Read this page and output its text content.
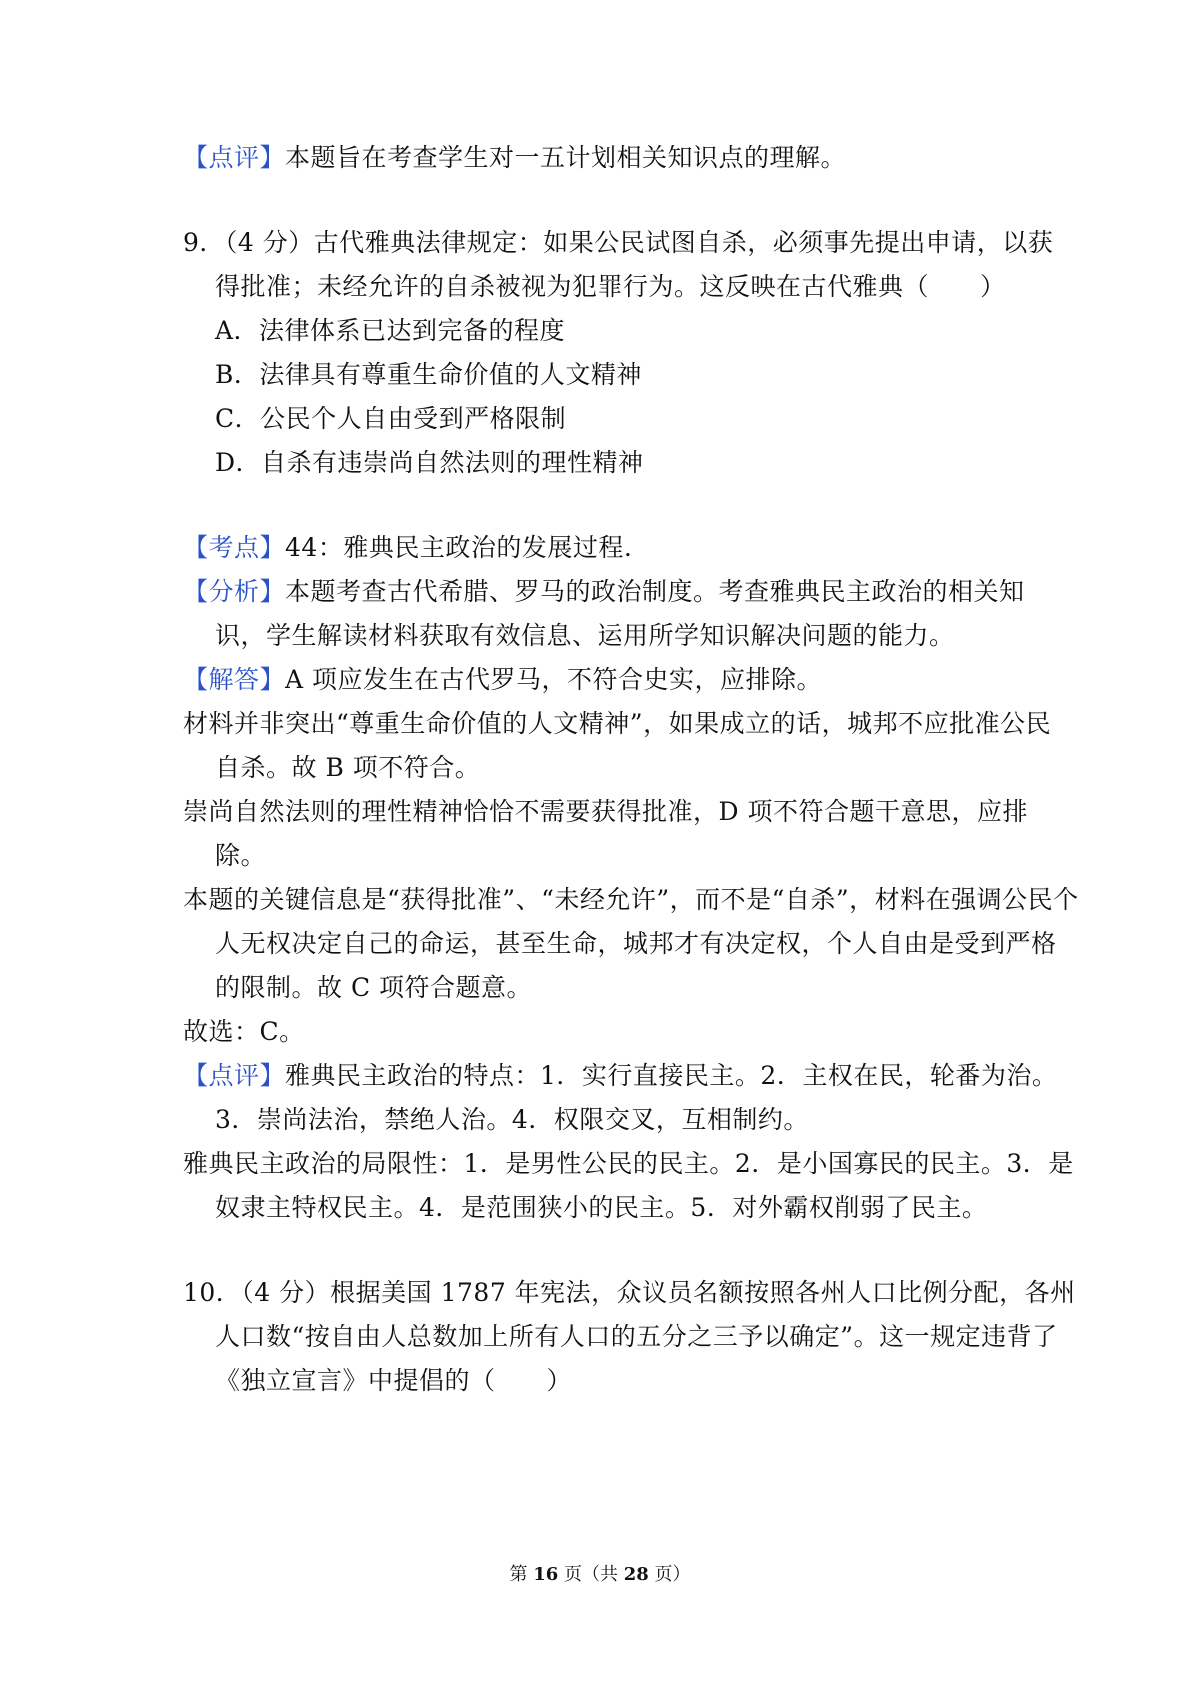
【点评】本题旨在考查学生对一五计划相关知识点的理解。
9．（4 分）古代雅典法律规定：如果公民试图自杀，必须事先提出申请，以获
得批准；未经允许的自杀被视为犯罪行为。这反映在古代雅典（　　）
A．法律体系已达到完备的程度
B．法律具有尊重生命价值的人文精神
C．公民个人自由受到严格限制
D．自杀有违崇尚自然法则的理性精神
【考点】44：雅典民主政治的发展过程.
【分析】本题考查古代希腊、罗马的政治制度。考查雅典民主政治的相关知
识，学生解读材料获取有效信息、运用所学知识解决问题的能力。
【解答】A 项应发生在古代罗马，不符合史实，应排除。
材料并非突出“尊重生命价值的人文精神”，如果成立的话，城邦不应批准公民
自杀。故 B 项不符合。
崇尚自然法则的理性精神恰恰不需要获得批准，D 项不符合题干意思，应排
除。
本题的关键信息是“获得批准”、“未经允许”，而不是“自杀”，材料在强调公民个
人无权决定自己的命运，甚至生命，城邦才有决定权，个人自由是受到严格
的限制。故 C 项符合题意。
故选：C。
【点评】雅典民主政治的特点：1．实行直接民主。2．主权在民，轮番为治。
3．崇尚法治，禁绝人治。4．权限交叉，互相制约。
雅典民主政治的局限性：1．是男性公民的民主。2．是小国寡民的民主。3．是
奴隶主特权民主。4．是范围狭小的民主。5．对外霸权削弱了民主。
10．（4 分）根据美国 1787 年宪法，众议员名额按照各州人口比例分配，各州
人口数“按自由人总数加上所有人口的五分之三予以确定”。这一规定违背了
《独立宣言》中提倡的（　　）
第 16 页（共 28 页）
